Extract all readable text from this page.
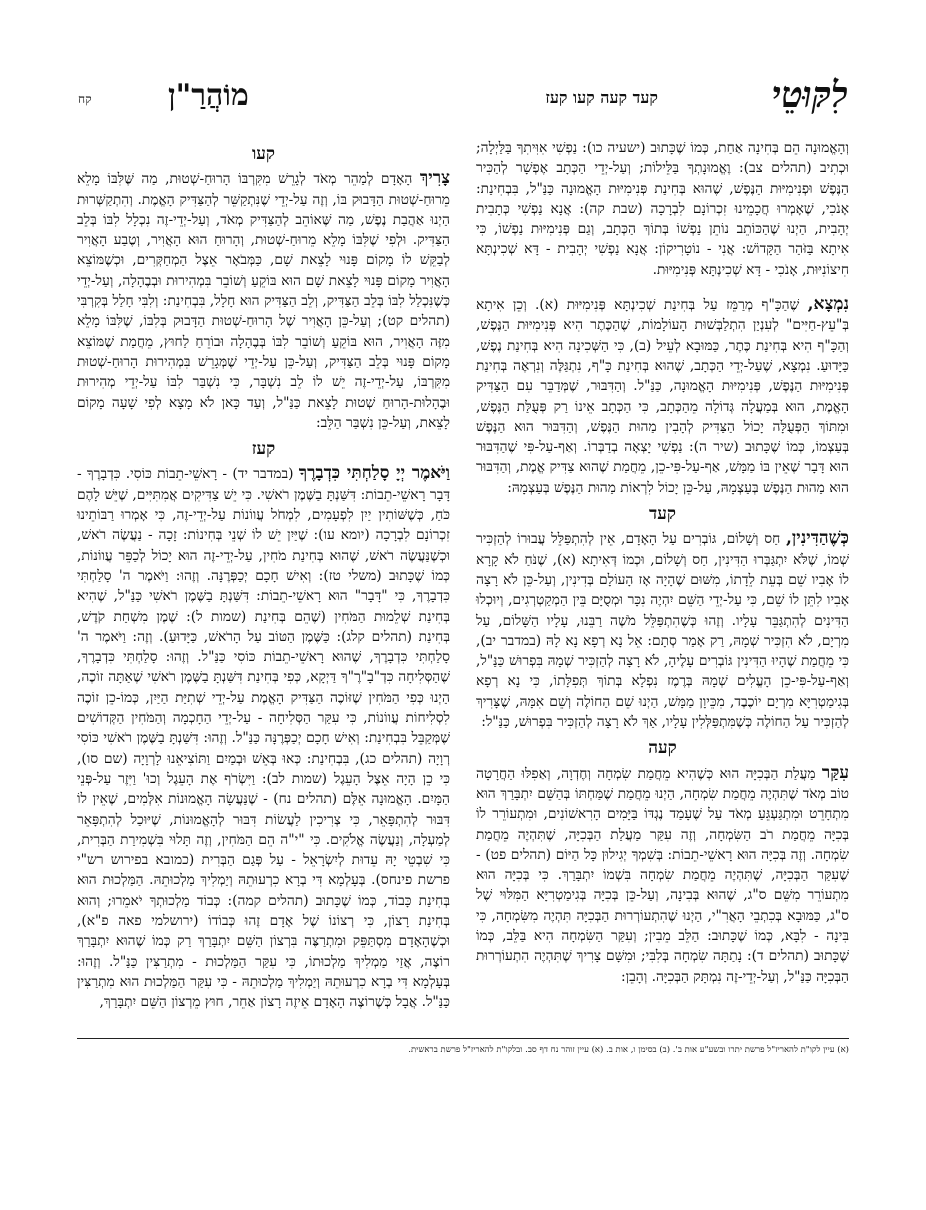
לִקּוּטֵי
קעד קעה קעו קעז
מוֹהֲרַ"ן
קח

וְהָאֱמוּנָה הֵם בְּחִינָה אַחַת, כְּמוֹ שֶׁכָּתוּב (ישעיה כו): נַפְשִׁי אִוִּיתִךָ בַּלַּיְלָה; וּכְתִיב (תהלים צב): וֶאֱמוּנָתְךָ בַּלֵּילוֹת; וְעַל-יְדֵי הַכְּתָב אֶפְשָׁר לְהַכִּיר הַנֶּפֶשׁ וּפְנִימִיּוּת הַנֶּפֶשׁ, שֶׁהוּא בְּחִינַת פְּנִימִיּוּת הָאֱמוּנָה כַּנַּ"ל, בִּבְחִינַת: אָנֹכִי, שֶׁאָמְרוּ חֲכָמֵינוּ זִכְרוֹנָם לִבְרָכָה (שבת קה): אֲנָא נַפְשִׁי כְּתָבִית יְהָבִית, הַיְנוּ שֶׁהַכּוֹתֵב נוֹתֵן נַפְשׁוֹ בְּתוֹךְ הַכְּתָב, וְגַם פְּנִימִיּוּת נַפְשׁוֹ, כִּי אִיתָא בַּזֹּהַר הַקָּדוֹשׁ: אֲנִי - נוֹטָרִיקוֹן: אֲנָא נַפְשִׁי יְהָבִית - דָּא שְׁכִינְתָּא חִיצוֹנִיּוּת, אָנֹכִי - דָּא שְׁכִינְתָּא פְּנִימִיּוּת.

נִמְצָא, שֶׁהַכָּ"ף מְרַמֵּז עַל בְּחִינַת שְׁכִינְתָּא פְּנִימִיּוּת (א). וְכֵן אִיתָא בְּ"עֵץ-חַיִּים" לְעִנְיַן הִתְלַבְּשׁוּת הָעוֹלָמוֹת, שֶׁהַכֶּתֶר הִיא פְּנִימִיּוּת הַנֶּפֶשׁ, וְהַכָּ"ף הִיא בְּחִינַת כֶּתֶר, כַּמּוּבָא לְעֵיל (ב), כִּי הַשְּׁכִינָה הִיא בְּחִינַת נֶפֶשׁ, כַּיָּדוּעַ. נִמְצָא, שֶׁעַל-יְדֵי הַכְּתָב, שֶׁהוּא בְּחִינַת כָּ"ף, נִתְגַּלֶּה וְנִרְאֶה בְּחִינַת פְּנִימִיּוּת הַנֶּפֶשׁ, פְּנִימִיּוּת הָאֱמוּנָה, כַּנַּ"ל. וְהַדִּבּוּר, שֶׁמְּדַבֵּר עִם הַצַּדִּיק הָאֱמֶת, הוּא בְּמַעֲלָה גְּדוֹלָה מֵהַכְּתָב, כִּי הַכְּתָב אֵינוֹ רַק פְּעֻלַּת הַנֶּפֶשׁ, וּמִתּוֹךְ הַפְּעֻלָּה יָכוֹל הַצַּדִּיק לְהָבִין מַהוּת הַנֶּפֶשׁ, וְהַדִּבּוּר הוּא הַנֶּפֶשׁ בְּעַצְמוֹ, כְּמוֹ שֶׁכָּתוּב (שיר ה): נַפְשִׁי יָצְאָה בְדַבְּרוֹ. וְאַף-עַל-פִּי שֶׁהַדִּבּוּר הוּא דָּבָר שֶׁאֵין בּוֹ מַמָּשׁ, אַף-עַל-פִּי-כֵן, מֵחֲמַת שֶׁהוּא צַדִּיק אֱמֶת, וְהַדִּבּוּר הוּא מַהוּת הַנֶּפֶשׁ בְּעַצְמָהּ, עַל-כֵּן יָכוֹל לִרְאוֹת מַהוּת הַנֶּפֶשׁ בְּעַצְמָהּ:

קעד

כְּשֶׁהַדִּינִין, חַס וְשָׁלוֹם, גּוֹבְרִים עַל הָאָדָם, אֵין לְהִתְפַּלֵּל עֲבוּרוֹ לְהַזְכִּיר שְׁמוֹ, שֶׁלֹּא יִתְגַּבְּרוּ הַדִּינִין, חַס וְשָׁלוֹם, וּכְמוֹ דְּאִיתָא (א), שֶׁנֹּחַ לֹא קָרָא לוֹ אָבִיו שֵׁם בְּעֵת לֵדָתוֹ, מִשּׁוּם שֶׁהָיָה אָז הָעוֹלָם בְּדִינִין, וְעַל-כֵּן לֹא רָצָה אָבִיו לִתֵּן לוֹ שֵׁם, כִּי עַל-יְדֵי הַשֵּׁם יִהְיֶה נִכָּר וּמְסֻיָּם בֵּין הַמְקַטְרְגִים, וְיוּכְלוּ הַדִּינִים לְהִתְגַּבֵּר עָלָיו. וְזֶהוּ כְּשֶׁהִתְפַּלֵּל מֹשֶׁה רַבֵּנוּ, עָלָיו הַשָּׁלוֹם, עַל מִרְיָם, לֹא הִזְכִּיר שְׁמָהּ, רַק אָמַר סְתָם: אֵל נָא רְפָא נָא לָהּ (במדבר יב), כִּי מֵחֲמַת שֶׁהָיוּ הַדִּינִין גּוֹבְרִים עָלֶיהָ, לֹא רָצָה לְהַזְכִּיר שְׁמָהּ בִּפְרוּשׁ כַּנַּ"ל, וְאַף-עַל-פִּי-כֵן הָעֱלִים שְׁמָהּ בְּרֶמֶז נִפְלָא בְּתוֹךְ תְּפִלָּתוֹ, כִּי נָא רְפָא בְּגִימַטְרִיָּא מִרְיָם יוֹכֶבֶד, מִכֵּיוָן מַמָּשׁ, הַיְנוּ שֵׁם הַחוֹלֶה וְשֵׁם אִמָּהּ, שֶׁצָּרִיךְ לְהַזְכִּיר עַל הַחוֹלֶה כְּשֶׁמִּתְפַּלְּלִין עָלָיו, אַךְ לֹא רָצָה לְהַזְכִּיר בִּפְרוּשׁ, כַּנַּ"ל:

קעה

עִקַּר מַעֲלַת הַבְּכִיָּה הוּא כְּשֶׁהִיא מֵחֲמַת שִׂמְחָה וְחֶדְוָה, וְאַפִלּוּ הַחֲרָטָה טוֹב מְאֹד שֶׁתִּהְיֶה מֵחֲמַת שִׂמְחָה, הַיְנוּ מֵחֲמַת שֶׁמַּחְתּוֹ בְּהַשֵּׁם יִתְבָּרַךְ הוּא מִתְחָרֵט וּמִתְגַּעְגֵּעַ מְאֹד עַל שֶׁעָמַד נֶגְדּוֹ בַּיָּמִים הָרִאשׁוֹנִים, וּמִתְעוֹרֵר לוֹ בְּכִיָּה מֵחֲמַת רֹב הַשִּׂמְחָה, וְזֶה עִקַּר מַעֲלַת הַבְּכִיָּה, שֶׁתִּהְיֶה מֵחֲמַת שִׂמְחָה. וְזֶה בְּכִיָּה הוּא רָאשֵׁי-תֵבוֹת: בְּשִׁמְךָ יְגִילוּן כָּל הַיּוֹם (תהלים פט) - שֶׁעִקַּר הַבְּכִיָּה, שֶׁתִּהְיֶה מֵחֲמַת שִׂמְחָה בִּשְׁמוֹ יִתְבָּרַךְ. כִּי בְּכִיָּה הוּא מִתְעוֹרֵר מִשֵּׁם ס"ג, שֶׁהוּא בְּבִינָה, וְעַל-כֵּן בְּכִיָּה בְּגִימַטְרִיָּא הַמִּלּוּי שֶׁל ס"ג, כַּמּוּבָא בְּכִתְבֵי הָאֲרִ"י, הַיְנוּ שֶׁהִתְעוֹרְרוּת הַבְּכִיָּה תִּהְיֶה מִשִּׂמְחָה, כִּי בִּינָה - לִבָּא, כְּמוֹ שֶׁכָּתוּב: הַלֵּב מֵבִין; וְעִקַּר הַשִּׂמְחָה הִיא בַּלֵּב, כְּמוֹ שֶׁכָּתוּב (תהלים ד): נָתַתָּה שִׂמְחָה בְּלִבִּי; וּמִשָּׁם צָרִיךְ שֶׁתִּהְיֶה הִתְעוֹרְרוּת הַבְּכִיָּה כַּנַּ"ל, וְעַל-יְדֵי-זֶה נִמְתָּק הַבְּכִיָּה. וְהָבֵן:

קעו

צָרִיךְ הָאָדָם לְמַהֵר מְאֹד לְגָרֵשׁ מִקִּרְבּוֹ הָרוּחַ-שְׁטוּת, מַה שֶּׁלִּבּוֹ מָלֵא מֵרוּחַ-שְׁטוּת הַדָּבוּק בּוֹ, וְזֶה עַל-יְדֵי שֶׁנִּתְקַשֵּׁר לְהַצַּדִּיק הָאֱמֶת. וְהִתְקַשְּׁרוּת הַיְנוּ אַהֲבַת נֶפֶשׁ, מַה שֶּׁאוֹהֵב לְהַצַּדִּיק מְאֹד, וְעַל-יְדֵי-זֶה נִכְלָל לִבּוֹ בְּלֵב הַצַּדִּיק. וּלְפִי שֶׁלִּבּוֹ מָלֵא מֵרוּחַ-שְׁטוּת, וְהָרוּחַ הוּא הָאֲוִיר, וְטֶבַע הָאֲוִיר לְבַקֵּשׁ לוֹ מָקוֹם פָּנוּי לָצֵאת שָׁם, כַּמְּבֹאָר אֵצֶל הַמְחַקְּרִים, וּכְשֶׁמּוֹצֵא הָאֲוִיר מָקוֹם פָּנוּי לָצֵאת שָׁם הוּא בּוֹקֵעַ וְשׁוֹבֵר בִּמְהִירוּת וּבְבֶהָלָה, וְעַל-יְדֵי כְּשֶׁנִּכְלַל לִבּוֹ בְּלֵב הַצַּדִּיק, וְלֵב הַצַּדִּיק הוּא חָלָל, בִּבְחִינַת: וְלִבִּי חָלַל בְּקִרְבִּי (תהלים קט); וְעַל-כֵּן הָאֲוִיר שֶׁל הָרוּחַ-שְׁטוּת הַדָּבוּק בְּלִבּוֹ, שֶׁלִּבּוֹ מָלֵא מִזֶּה הָאֲוִיר, הוּא בּוֹקֵעַ וְשׁוֹבֵר לִבּוֹ בְּבֶהָלָה וּבוֹרֵחַ לַחוּץ, מֵחֲמַת שֶׁמּוֹצֵא מָקוֹם פָּנוּי בְּלֵב הַצַּדִּיק, וְעַל-כֵּן עַל-יְדֵי שֶׁמְּגָרֵשׁ בִּמְהִירוּת הָרוּחַ-שְׁטוּת מִקִּרְבּוֹ, עַל-יְדֵי-זֶה יֵשׁ לוֹ לֵב נִשְׁבָּר, כִּי נִשְׁבַּר לִבּוֹ עַל-יְדֵי מְהִירוּת וּבֶהָלוּת-הָרוּחַ שְׁטוּת לָצֵאת כַּנַּ"ל, וְעַד כָּאן לֹא מָצָא לְפִי שָׁעָה מָקוֹם לָצֵאת, וְעַל-כֵּן נִשְׁבַּר הַלֵּב:

קעז

וַיֹּאמֶר יְיָ סָלַחְתִּי כִּדְבָרֶךָ (במדבר יד) - רָאשֵׁי-תֵבוֹת כּוֹסִי. כִּדְבָרֶךָ - דָּבָר רָאשֵׁי-תֵבוֹת: דִּשַּׁנְתָּ בַשֶּׁמֶן רֹאשִׁי. כִּי יֵשׁ צַדִּיקִים אֲמִתִּיִּים, שֶׁיֵּשׁ לָהֶם כֹּחַ, כְּשֶׁשּׁוֹתִין יַיִן לִפְעָמִים, לִמְחֹל עֲווֹנוֹת עַל-יְדֵי-זֶה, כִּי אָמְרוּ רַבּוֹתֵינוּ זִכְרוֹנָם לִבְרָכָה (יומא עו): שֶׁיַּיִן יֵשׁ לוֹ שְׁנֵי בְּחִינוֹת: זָכָה - נַעֲשֶׂה רֹאשׁ, וּכְשֶׁנַּעֲשֶׂה רֹאשׁ, שֶׁהוּא בְּחִינַת מֹחִין, עַל-יְדֵי-זֶה הוּא יָכוֹל לְכַפֵּר עֲווֹנוֹת, כְּמוֹ שֶׁכָּתוּב (משלי טז): וְאִישׁ חָכָם יְכַפְּרֶנָּה. וְזֶהוּ: וַיֹּאמֶר ה' סָלַחְתִּי כִּדְבָרֶךָ, כִּי "דָּבָר" הוּא רָאשֵׁי-תֵבוֹת: דִּשַּׁנְתָּ בַשֶּׁמֶן רֹאשִׁי כַּנַּ"ל, שֶׁהִיא בְּחִינַת שְׁלֵמוּת הַמֹּחִין (שֶׁהֵם בְּחִינַת (שמות ל): שֶׁמֶן מִשְׁחַת קֹדֶשׁ, בְּחִינַת (תהלים קלג): כַּשֶּׁמֶן הַטּוֹב עַל הָרֹאשׁ, כַּיָּדוּעַ). וְזֶה: וַיֹּאמֶר ה' סָלַחְתִּי כִּדְבָרֶךָ, שֶׁהוּא רָאשֵׁי-תֵבוֹת כּוֹסִי כַּנַּ"ל. וְזֶהוּ: סָלַחְתִּי כִּדְבָרֶךָ, שֶׁהַסְּלִיחָה כִּדְ"בָ"רֶ"ךָ דַּיְקָא, כְּפִי בְּחִינַת דִּשַּׁנְתָּ בַשֶּׁמֶן רֹאשִׁי שֶׁאַתָּה זוֹכֶה, הַיְנוּ כְּפִי הַמֹּחִין שֶׁזּוֹכֶה הַצַּדִּיק הָאֱמֶת עַל-יְדֵי שְׁתִיַּת הַיַּיִן, כְּמוֹ-כֵן זוֹכֶה לִסְלִיחוֹת עֲווֹנוֹת, כִּי עִקַּר הַסְּלִיחָה - עַל-יְדֵי הַחָכְמָה וְהַמֹּחִין הַקְּדוֹשִׁים שֶׁמְּקַבֵּל בִּבְחִינַת: וְאִישׁ חָכָם יְכַפְּרֶנָּה כַּנַּ"ל. וְזֶהוּ: דִּשַּׁנְתָּ בַשֶּׁמֶן רֹאשִׁי כּוֹסִי רְוָיָה (תהלים כג), בִּבְחִינַת: כְּאוּ בְּאֵשׁ וּבְמַיִם וַתּוֹצִיאֵנוּ לָרְוָיָה (שם סו), כִּי כֵן הָיָה אֵצֶל הָעֵגֶל (שמות לב): וַיִּשְׂרֹף אֶת הָעֵגֶל וְכוּ' וַיִּזֶר עַל-פְּנֵי הַמָּיִם. הָאֱמוּנָה אֵלֶּם (תהלים נח) - שֶׁנַּעֲשָׂה הָאֱמוּנוֹת אִלְּמִים, שֶׁאֵין לוֹ דִּבּוּר לְהִתְפָּאֵר, כִּי צְרִיכִין לַעֲשׂוֹת דִּבּוּר לְהָאֱמוּנוֹת, שֶׁיּוּכַל לְהִתְפָּאֵר לְמַעְלָה, וְנַעֲשֶׂה אֱלֹקִים. כִּי "י"ה הֵם הַמֹּחִין, וְזֶה תָּלוּי בִּשְׁמִירַת הַבְּרִית, כִּי שִׁבְטֵי יָהּ עֵדוּת לְיִשְׂרָאֵל - עַל פְּגַם הַבְּרִית (כמובא בפירוש רש"י פרשת פינחס). בְּעָלְמָא דִּי בְרָא כִרְעוּתֵהּ וְיַמְלִיךְ מַלְכוּתֵהּ. הַמַּלְכוּת הוּא בְּחִינַת כָּבוֹד, כְּמוֹ שֶׁכָּתוּב (תהלים קמה): כְּבוֹד מַלְכוּתְךָ יֹאמֵרוּ; וְהוּא בְּחִינַת רָצוֹן, כִּי רְצוֹנוֹ שֶׁל אָדָם זֶהוּ כְּבוֹדוֹ (ירושלמי פאה פ"א), וּכְשֶׁהָאָדָם מִסְתַּפֵּק וּמִתְרַצֶּה בִּרְצוֹן הַשֵּׁם יִתְבָּרַךְ רַק כְּמוֹ שֶׁהוּא יִתְבָּרַךְ רוֹצֶה, אֲזַי מַמְלִיךְ מַלְכוּתוֹ, כִּי עִקַּר הַמַּלְכוּת - מִתְרַצִּין כַּנַּ"ל. וְזֶהוּ: בְּעָלְמָא דִּי בְרָא כִרְעוּתֵהּ וְיַמְלִיךְ מַלְכוּתֵהּ - כִּי עִקַּר הַמַּלְכוּת הוּא מִתְרַצִּין כַּנַּ"ל. אֲבָל כְּשֶׁרוֹצֶה הָאָדָם אֵיזֶה רָצוֹן אַחֵר, חוּץ מֵרְצוֹן הַשֵּׁם יִתְבָּרַךְ,

(א) עיין לקו"ת להאריז"ל פרשת יתרו ובשע"ע אות ב'. (ב) בסימן ו, אות ב. (א) עיין זוהר נח דף סב. ובלקו"ת להאריז"ל פרשת בראשית.
